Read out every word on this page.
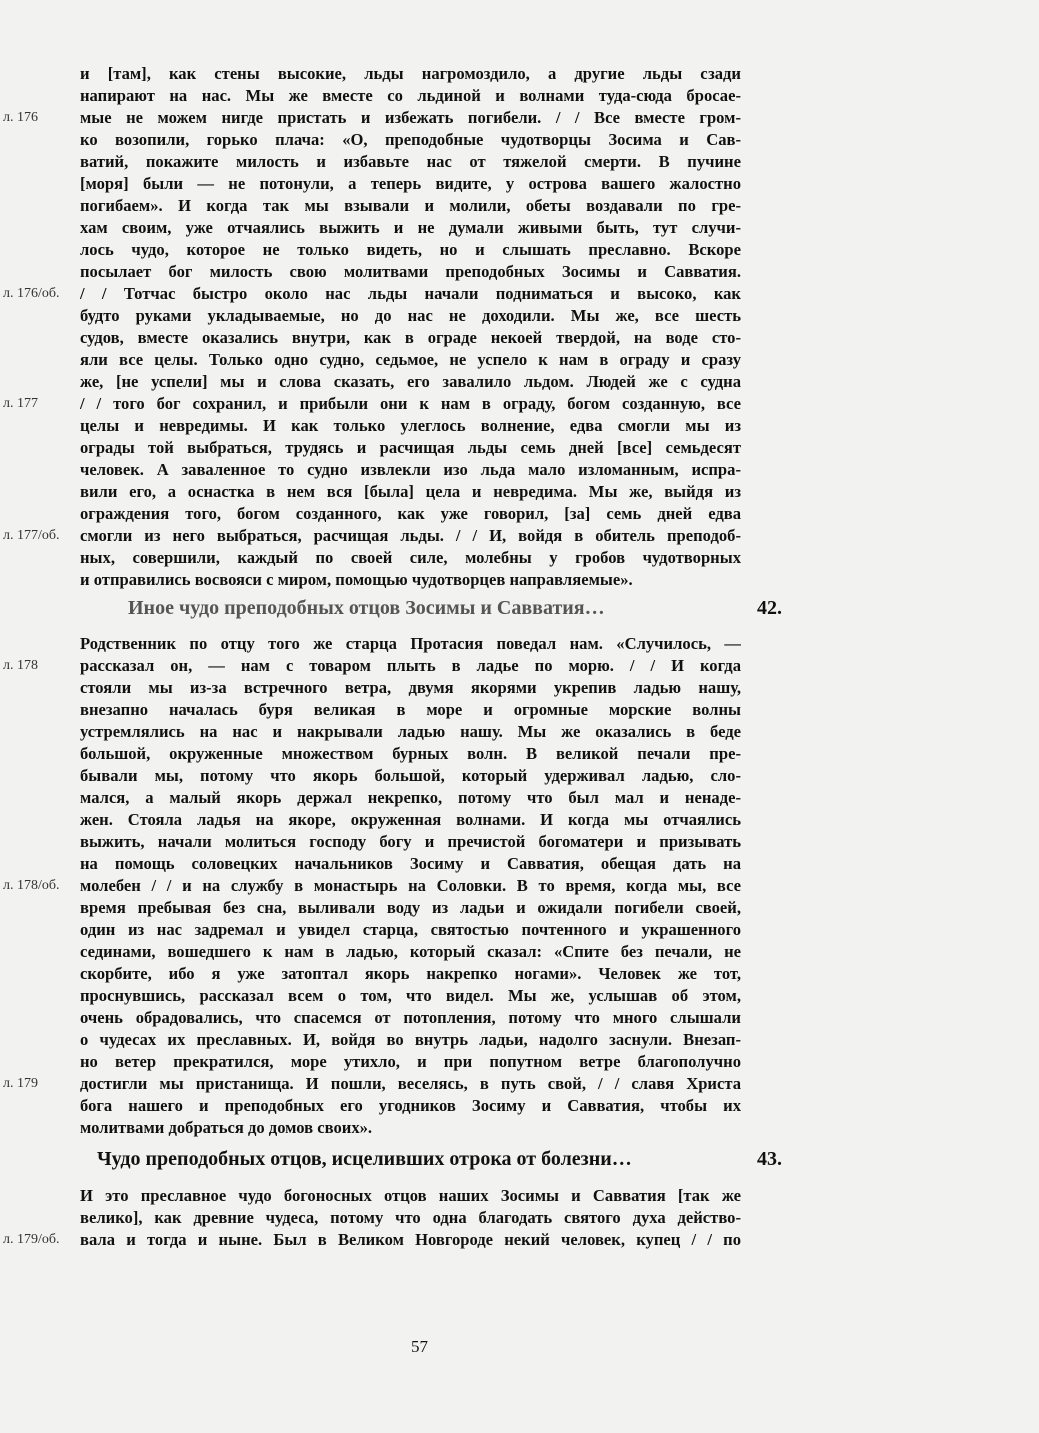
и [там], как стены высокие, льды нагромоздило, а другие льды сзади
напирают на нас. Мы же вместе со льдиной и волнами туда-сюда бросае-
мые не можем нигде пристать и избежать погибели. / / Все вместе гром-
ко возопили, горько плача: «О, преподобные чудотворцы Зосима и Сав-
ватий, покажите милость и избавьте нас от тяжелой смерти. В пучине
[моря] были — не потонули, а теперь видите, у острова вашего жалостно
погибаем». И когда так мы взывали и молили, обеты воздавали по гре-
хам своим, уже отчаялись выжить и не думали живыми быть, тут случи-
лось чудо, которое не только видеть, но и слышать преславно. Вскоре
посылает бог милость свою молитвами преподобных Зосимы и Савватия.
/ / Тотчас быстро около нас льды начали подниматься и высоко, как
будто руками укладываемые, но до нас не доходили. Мы же, все шесть
судов, вместе оказались внутри, как в ограде некоей твердой, на воде сто-
яли все целы. Только одно судно, седьмое, не успело к нам в ограду и сразу
же, [не успели] мы и слова сказать, его завалило льдом. Людей же с судна
/ / того бог сохранил, и прибыли они к нам в ограду, богом созданную, все
целы и невредимы. И как только улеглось волнение, едва смогли мы из
ограды той выбраться, трудясь и расчищая льды семь дней [все] семьдесят
человек. А заваленное то судно извлекли изо льда мало изломанным, испра-
вили его, а оснастка в нем вся [была] цела и невредима. Мы же, выйдя из
ограждения того, богом созданного, как уже говорил, [за] семь дней едва
смогли из него выбраться, расчищая льды. / / И, войдя в обитель преподоб-
ных, совершили, каждый по своей силе, молебны у гробов чудотворных
и отправились восвояси с миром, помощью чудотворцев направляемые».
л. 176
л. 176/об.
л. 177
л. 177/об.
Иное чудо преподобных отцов Зосимы и Савватия…	42.
Родственник по отцу того же старца Протасия поведал нам. «Случилось, —
рассказал он, — нам с товаром плыть в ладье по морю. / / И когда
стояли мы из-за встречного ветра, двумя якорями укрепив ладью нашу,
внезапно началась буря великая в море и огромные морские волны
устремлялись на нас и накрывали ладью нашу. Мы же оказались в беде
большой, окруженные множеством бурных волн. В великой печали пре-
бывали мы, потому что якорь большой, который удерживал ладью, сло-
мался, а малый якорь держал некрепко, потому что был мал и ненаде-
жен. Стояла ладья на якоре, окруженная волнами. И когда мы отчаялись
выжить, начали молиться господу богу и пречистой богоматери и призывать
на помощь соловецких начальников Зосиму и Савватия, обещая дать на
молебен / / и на службу в монастырь на Соловки. В то время, когда мы, все
время пребывая без сна, выливали воду из ладьи и ожидали погибели своей,
один из нас задремал и увидел старца, святостью почтенного и украшенного
сединами, вошедшего к нам в ладью, который сказал: «Спите без печали, не
скорбите, ибо я уже затоптал якорь накрепко ногами». Человек же тот,
проснувшись, рассказал всем о том, что видел. Мы же, услышав об этом,
очень обрадовались, что спасемся от потопления, потому что много слышали
о чудесах их преславных. И, войдя во внутрь ладьи, надолго заснули. Внезап-
но ветер прекратился, море утихло, и при попутном ветре благополучно
достигли мы пристанища. И пошли, веселясь, в путь свой, / / славя Христа
бога нашего и преподобных его угодников Зосиму и Савватия, чтобы их
молитвами добраться до домов своих».
л. 178
л. 178/об.
л. 179
Чудо преподобных отцов, исцеливших отрока от болезни…	43.
И это преславное чудо богоносных отцов наших Зосимы и Савватия [так же
велико], как древние чудеса, потому что одна благодать святого духа действо-
вала и тогда и ныне. Был в Великом Новгороде некий человек, купец / / по
л. 179/об.
57
